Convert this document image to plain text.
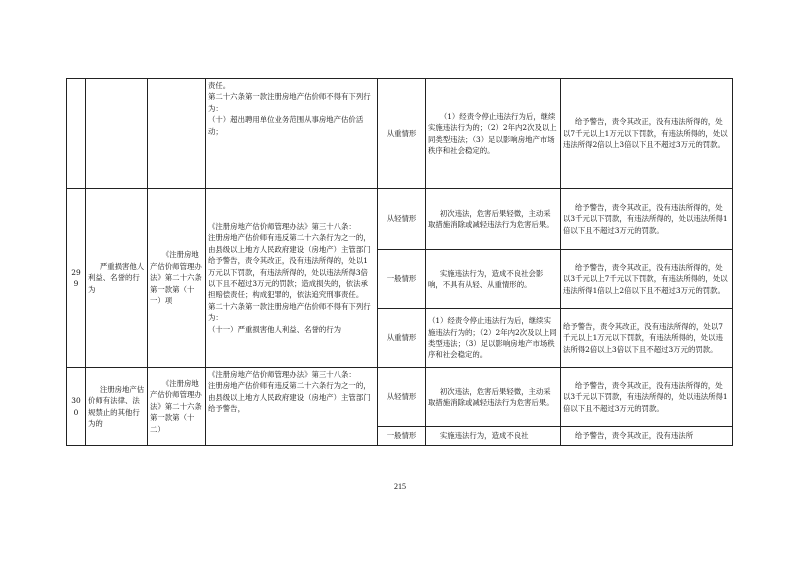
			责任。
第二十六条第一款注册房地产估价师不得有下列行为：
（十）超出聘用单位业务范围从事房地产估价活动；	从重情形	（1）经责令停止违法行为后，继续实施违法行为的；（2）2年内2次及以上同类型违法；（3）足以影响房地产市场秩序和社会稳定的。	给予警告，责令其改正，没有违法所得的，处以7千元以上1万元以下罚款，有违法所得的，处以违法所得2倍以上3倍以下且不超过3万元的罚款。

299	严重损害他人利益、名誉的行为	《注册房地产估价师管理办法》第二十六条第一款第（十一）项	《注册房地产估价师管理办法》第三十八条：
注册房地产估价师有违反第二十六条行为之一的，由县级以上地方人民政府建设（房地产）主管部门给予警告，责令其改正，没有违法所得的，处以1万元以下罚款，有违法所得的，处以违法所得3倍以下且不超过3万元的罚款；造成损失的，依法承担赔偿责任；构成犯罪的，依法追究刑事责任。
第二十六条第一款注册房地产估价师不得有下列行为：
（十一）严重损害他人利益、名誉的行为	从轻情形	初次违法，危害后果轻微，主动采取措施消除或减轻违法行为危害后果。	给予警告，责令其改正，没有违法所得的，处以3千元以下罚款，有违法所得的，处以违法所得1倍以下且不超过3万元的罚款。

				一般情形	实施违法行为，造成不良社会影响，不具有从轻、从重情形的。	给予警告，责令其改正，没有违法所得的，处以3千元以上7千元以下罚款，有违法所得的，处以违法所得1倍以上2倍以下且不超过3万元的罚款。

				从重情形	（1）经责令停止违法行为后，继续实施违法行为的；（2）2年内2次及以上同类型违法；（3）足以影响房地产市场秩序和社会稳定的。	给予警告，责令其改正，没有违法所得的，处以7千元以上1万元以下罚款，有违法所得的，处以违法所得2倍以上3倍以下且不超过3万元的罚款。

300	注册房地产估价师有法律、法规禁止的其他行为的	《注册房地产估价师管理办法》第二十六条第一款第（十二）	《注册房地产估价师管理办法》第三十八条：
注册房地产估价师有违反第二十六条行为之一的，由县级以上地方人民政府建设（房地产）主管部门给予警告，	从轻情形	初次违法，危害后果轻微，主动采取措施消除或减轻违法行为危害后果。	给予警告，责令其改正，没有违法所得的，处以3千元以下罚款，有违法所得的，处以违法所得1倍以下且不超过3万元的罚款。

				一般情形	实施违法行为，造成不良社	给予警告，责令其改正，没有违法所
215
